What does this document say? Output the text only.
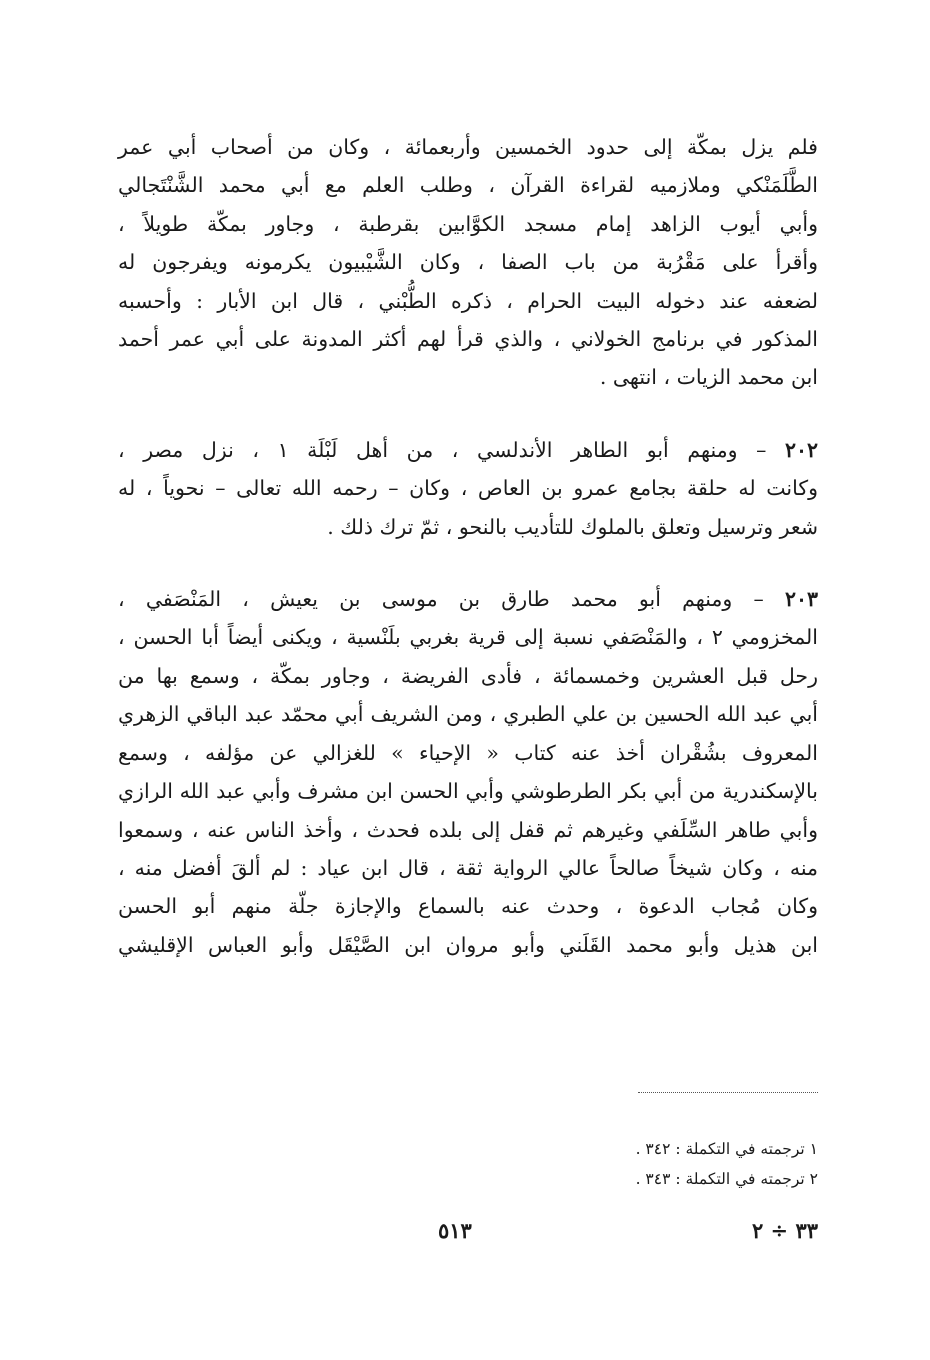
فلم يزل بمكّة إلى حدود الخمسين وأربعمائة ، وكان من أصحاب أبي عمر
الطَّلَمَنْكي وملازميه لقراءة القرآن ، وطلب العلم مع أبي محمد الشَّنْتَجالي
وأبي أيوب الزاهد إمام مسجد الكوَّابين بقرطبة ، وجاور بمكّة طويلاً ،
وأقرأ على مَقْرُبة من باب الصفا ، وكان الشَّيْبيون يكرمونه ويفرجون له
لضعفه عند دخوله البيت الحرام ، ذكره الطُّبْني ، قال ابن الأبار : وأحسبه
المذكور في برنامج الخولاني ، والذي قرأ لهم أكثر المدونة على أبي عمر أحمد
ابن محمد الزيات ، انتهى .

٢٠٢ – ومنهم أبو الطاهر الأندلسي ، من أهل لَبْلَة ١ ، نزل مصر ،
وكانت له حلقة بجامع عمرو بن العاص ، وكان – رحمه الله تعالى – نحوياً ، له
شعر وترسيل وتعلق بالملوك للتأديب بالنحو ، ثمّ ترك ذلك .

٢٠٣ – ومنهم أبو محمد طارق بن موسى بن يعيش ، المَنْصَفي ،
المخزومي ٢ ، والمَنْصَفي نسبة إلى قرية بغربي بلَنْسية ، ويكنى أيضاً أبا الحسن ،
رحل قبل العشرين وخمسمائة ، فأدى الفريضة ، وجاور بمكّة ، وسمع بها من
أبي عبد الله الحسين بن علي الطبري ، ومن الشريف أبي محمّد عبد الباقي الزهري
المعروف بشُقْران أخذ عنه كتاب « الإحياء » للغزالي عن مؤلفه ، وسمع
بالإسكندرية من أبي بكر الطرطوشي وأبي الحسن ابن مشرف وأبي عبد الله الرازي
وأبي طاهر السِّلَفي وغيرهم ثم قفل إلى بلده فحدث ، وأخذ الناس عنه ، وسمعوا
منه ، وكان شيخاً صالحاً عالي الرواية ثقة ، قال ابن عياد : لم ألقَ أفضل منه ،
وكان مُجاب الدعوة ، وحدث عنه بالسماع والإجازة جلّة منهم أبو الحسن
ابن هذيل وأبو محمد القَلَني وأبو مروان ابن الصَّيْقَل وأبو العباس الإقليشي

١ ترجمته في التكملة : ٣٤٢ .
٢ ترجمته في التكملة : ٣٤٣ .
٥١٣	٣٣ ÷ ٢
